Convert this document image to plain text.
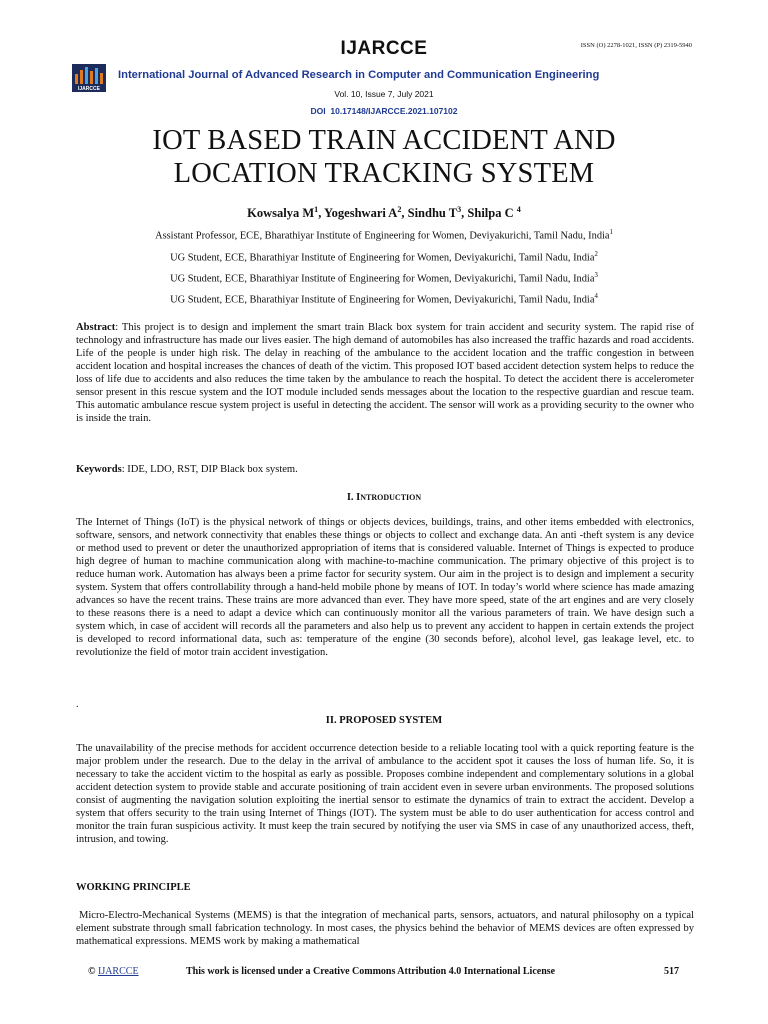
IJARCCE	ISSN (O) 2278-1021, ISSN (P) 2319-5940
IJARCCE
International Journal of Advanced Research in Computer and Communication Engineering
Vol. 10, Issue 7, July 2021
DOI 10.17148/IJARCCE.2021.107102
IOT BASED TRAIN ACCIDENT AND
LOCATION TRACKING SYSTEM
Kowsalya $M^1$, Yogeshwari $A^2$, Sindhu $T^3$, Shilpa C $^4$
Assistant Professor, ECE, Bharathiyar Institute of Engineering for Women, Deviyakurichi, Tamil Nadu, India$^1$
UG Student, ECE, Bharathiyar Institute of Engineering for Women, Deviyakurichi, Tamil Nadu, India$^2$
UG Student, ECE, Bharathiyar Institute of Engineering for Women, Deviyakurichi, Tamil Nadu, India$^3$
UG Student, ECE, Bharathiyar Institute of Engineering for Women, Deviyakurichi, Tamil Nadu, India$^4$
Abstract: This project is to design and implement the smart train Black box system for train accident and security system. The rapid rise of technology and infrastructure has made our lives easier. The high demand of automobiles has also increased the traffic hazards and road accidents. Life of the people is under high risk. The delay in reaching of the ambulance to the accident location and the traffic congestion in between accident location and hospital increases the chances of death of the victim. This proposed IOT based accident detection system helps to reduce the loss of life due to accidents and also reduces the time taken by the ambulance to reach the hospital. To detect the accident there is accelerometer sensor present in this rescue system and the IOT module included sends messages about the location to the respective guardian and rescue team. This automatic ambulance rescue system project is useful in detecting the accident. The sensor will work as a providing security to the owner who is inside the train.
Keywords: IDE, LDO, RST, DIP Black box system.
I. INTRODUCTION
The Internet of Things (IoT) is the physical network of things or objects devices, buildings, trains, and other items embedded with electronics, software, sensors, and network connectivity that enables these things or objects to collect and exchange data. An anti -theft system is any device or method used to prevent or deter the unauthorized appropriation of items that is considered valuable. Internet of Things is expected to produce high degree of human to machine communication along with machine-to-machine communication. The primary objective of this project is to reduce human work. Automation has always been a prime factor for security system. Our aim in the project is to design and implement a security system. System that offers controllability through a hand-held mobile phone by means of IOT. In today’s world where science has made amazing advances so have the recent trains. These trains are more advanced than ever. They have more speed, state of the art engines and are very closely to these reasons there is a need to adapt a device which can continuously monitor all the various parameters of train. We have design such a system which, in case of accident will records all the parameters and also help us to prevent any accident to happen in certain extends the project is developed to record informational data, such as: temperature of the engine (30 seconds before), alcohol level, gas leakage level, etc. to revolutionize the field of motor train accident investigation.
.
II. PROPOSED SYSTEM
The unavailability of the precise methods for accident occurrence detection beside to a reliable locating tool with a quick reporting feature is the major problem under the research. Due to the delay in the arrival of ambulance to the accident spot it causes the loss of human life. So, it is necessary to take the accident victim to the hospital as early as possible. Proposes combine independent and complementary solutions in a global accident detection system to provide stable and accurate positioning of train accident even in severe urban environments. The proposed solutions consist of augmenting the navigation solution exploiting the inertial sensor to estimate the dynamics of train to extract the accident. Develop a system that offers security to the train using Internet of Things (IOT). The system must be able to do user authentication for access control and monitor the train furan suspicious activity. It must keep the train secured by notifying the user via SMS in case of any unauthorized access, theft, intrusion, and towing.
WORKING PRINCIPLE
Micro-Electro-Mechanical Systems (MEMS) is that the integration of mechanical parts, sensors, actuators, and natural philosophy on a typical element substrate through small fabrication technology. In most cases, the physics behind the behavior of MEMS devices are often expressed by mathematical expressions. MEMS work by making a mathematical
© IJARCCE	This work is licensed under a Creative Commons Attribution 4.0 International License	517
